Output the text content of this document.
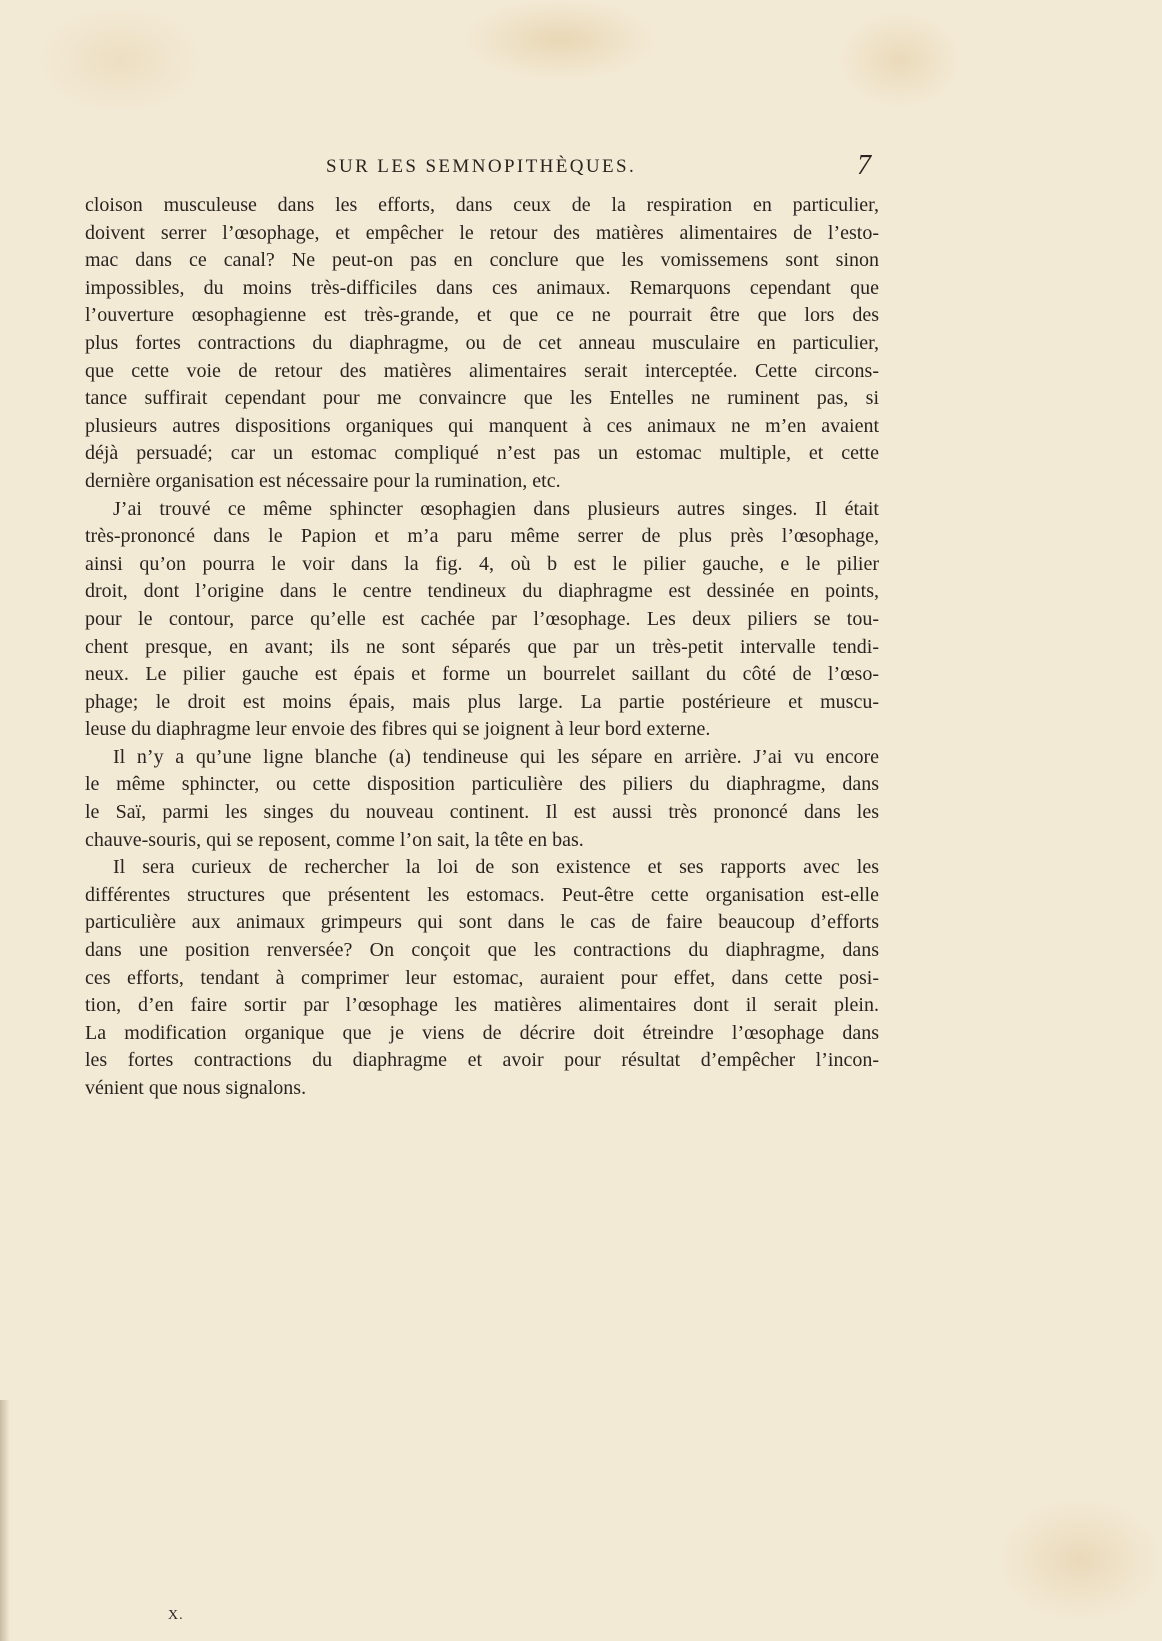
SUR LES SEMNOPITHÈQUES.	7
cloison musculeuse dans les efforts, dans ceux de la respiration en particulier,
doivent serrer l’œsophage, et empêcher le retour des matières alimentaires de l’esto-
mac dans ce canal? Ne peut-on pas en conclure que les vomissemens sont sinon
impossibles, du moins très-difficiles dans ces animaux. Remarquons cependant que
l’ouverture œsophagienne est très-grande, et que ce ne pourrait être que lors des
plus fortes contractions du diaphragme, ou de cet anneau musculaire en particulier,
que cette voie de retour des matières alimentaires serait interceptée. Cette circons-
tance suffirait cependant pour me convaincre que les Entelles ne ruminent pas, si
plusieurs autres dispositions organiques qui manquent à ces animaux ne m’en avaient
déjà persuadé; car un estomac compliqué n’est pas un estomac multiple, et cette
dernière organisation est nécessaire pour la rumination, etc.
J’ai trouvé ce même sphincter œsophagien dans plusieurs autres singes. Il était
très-prononcé dans le Papion et m’a paru même serrer de plus près l’œsophage,
ainsi qu’on pourra le voir dans la fig. 4, où b est le pilier gauche, e le pilier
droit, dont l’origine dans le centre tendineux du diaphragme est dessinée en points,
pour le contour, parce qu’elle est cachée par l’œsophage. Les deux piliers se tou-
chent presque, en avant; ils ne sont séparés que par un très-petit intervalle tendi-
neux. Le pilier gauche est épais et forme un bourrelet saillant du côté de l’œso-
phage; le droit est moins épais, mais plus large. La partie postérieure et muscu-
leuse du diaphragme leur envoie des fibres qui se joignent à leur bord externe.
Il n’y a qu’une ligne blanche (a) tendineuse qui les sépare en arrière. J’ai vu encore
le même sphincter, ou cette disposition particulière des piliers du diaphragme, dans
le Saï, parmi les singes du nouveau continent. Il est aussi très prononcé dans les
chauve-souris, qui se reposent, comme l’on sait, la tête en bas.
Il sera curieux de rechercher la loi de son existence et ses rapports avec les
différentes structures que présentent les estomacs. Peut-être cette organisation est-elle
particulière aux animaux grimpeurs qui sont dans le cas de faire beaucoup d’efforts
dans une position renversée? On conçoit que les contractions du diaphragme, dans
ces efforts, tendant à comprimer leur estomac, auraient pour effet, dans cette posi-
tion, d’en faire sortir par l’œsophage les matières alimentaires dont il serait plein.
La modification organique que je viens de décrire doit étreindre l’œsophage dans
les fortes contractions du diaphragme et avoir pour résultat d’empêcher l’incon-
vénient que nous signalons.
X.
